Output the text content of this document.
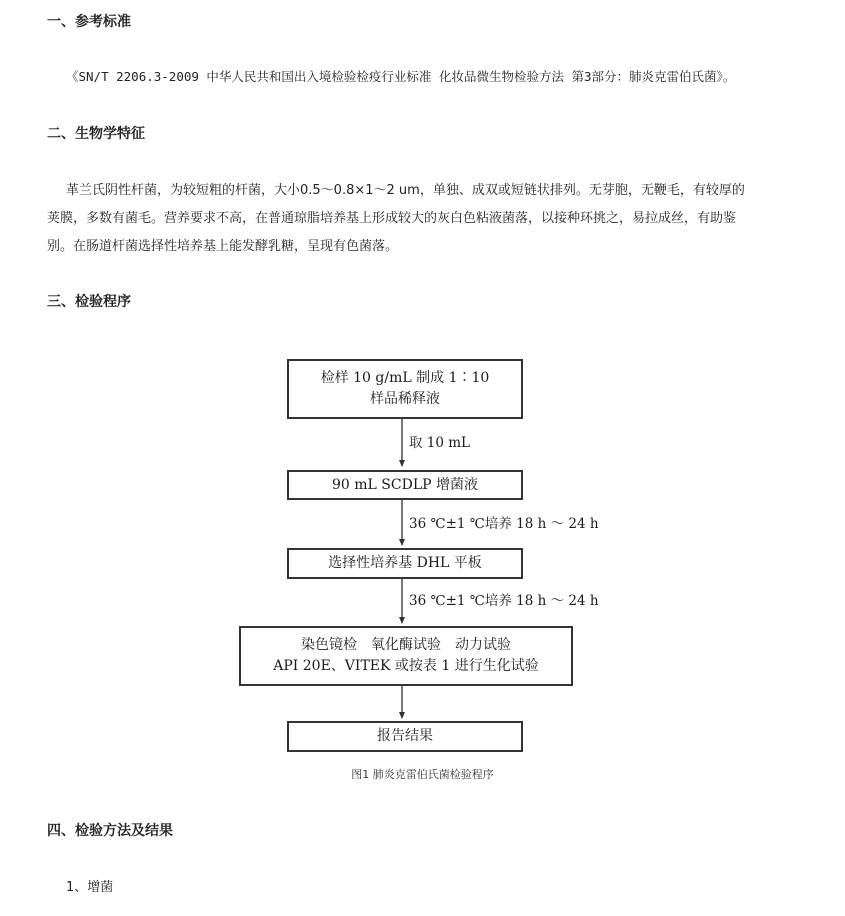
一、参考标准

《SN/T 2206.3-2009 中华人民共和国出入境检验检疫行业标准 化妆品微生物检验方法 第3部分：肺炎克雷伯氏菌》。

二、生物学特征

革兰氏阴性杆菌，为较短粗的杆菌，大小0.5～0.8×1～2 um，单独、成双或短链状排列。无芽胞，无鞭毛，有较厚的

荚膜，多数有菌毛。营养要求不高，在普通琼脂培养基上形成较大的灰白色粘液菌落，以接种环挑之，易拉成丝，有助鉴

别。在肠道杆菌选择性培养基上能发酵乳糖，呈现有色菌落。

三、检验程序
检样 10 g/mL 制成 1∶10
样品稀释液
取 10 mL
90 mL SCDLP 增菌液
36 ℃±1 ℃培养 18 h ～ 24 h
选择性培养基 DHL 平板
36 ℃±1 ℃培养 18 h ～ 24 h
染色镜检　氧化酶试验　动力试验
API 20E、VITEK 或按表 1 进行生化试验
报告结果
图1 肺炎克雷伯氏菌检验程序
四、检验方法及结果

1、增菌
